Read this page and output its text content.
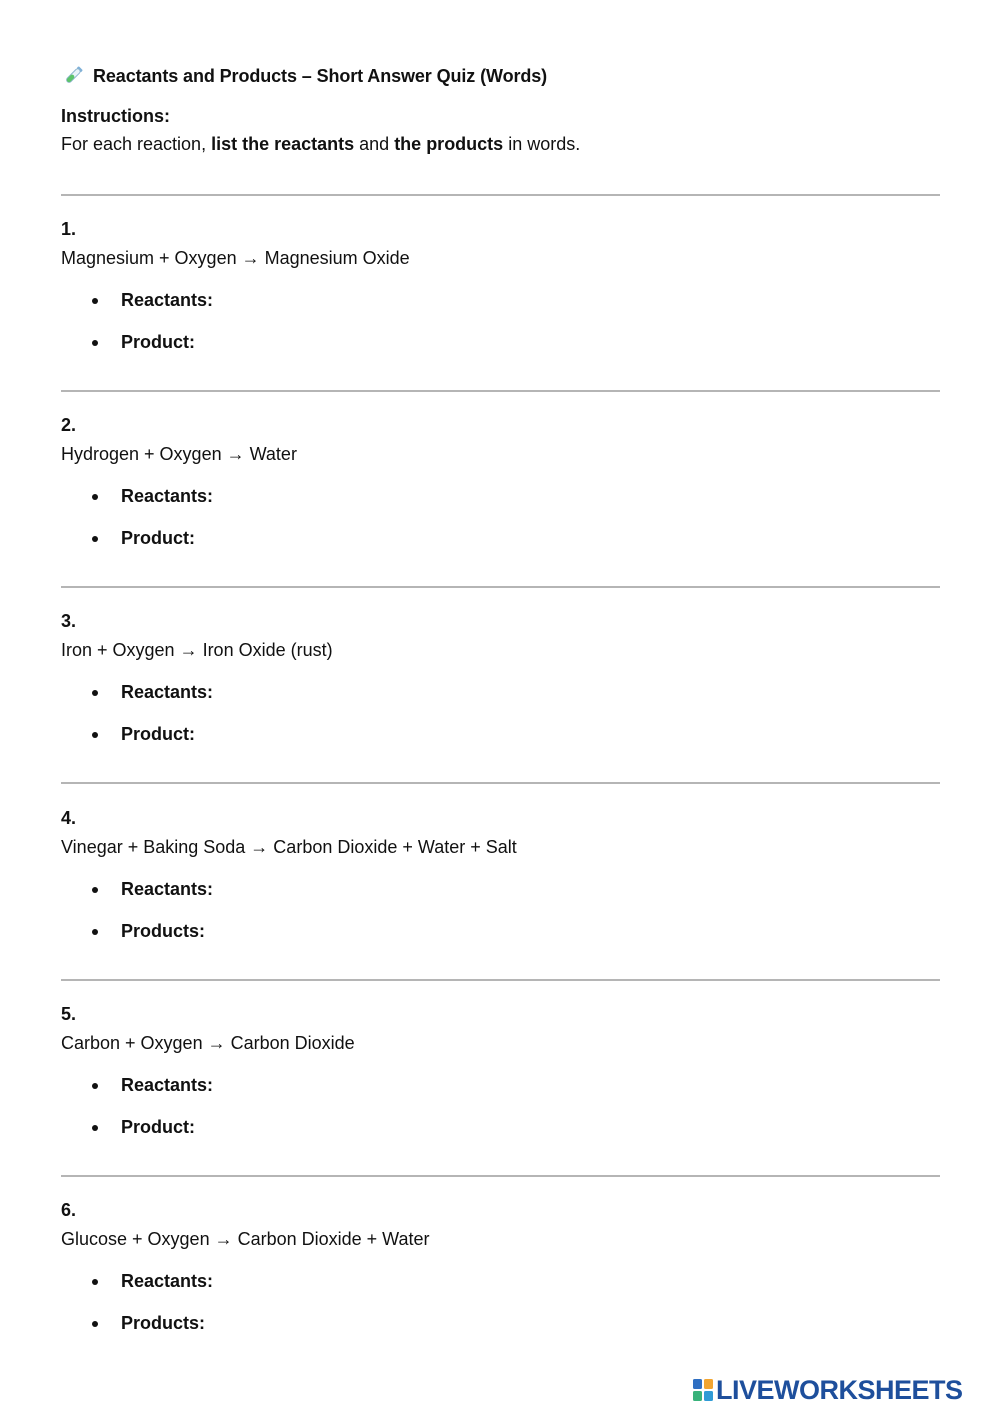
Reactants and Products – Short Answer Quiz (Words)
Instructions:
For each reaction, list the reactants and the products in words.
1.
Magnesium + Oxygen → Magnesium Oxide
Reactants:
Product:
2.
Hydrogen + Oxygen → Water
Reactants:
Product:
3.
Iron + Oxygen → Iron Oxide (rust)
Reactants:
Product:
4.
Vinegar + Baking Soda → Carbon Dioxide + Water + Salt
Reactants:
Products:
5.
Carbon + Oxygen → Carbon Dioxide
Reactants:
Product:
6.
Glucose + Oxygen → Carbon Dioxide + Water
Reactants:
Products:
LIVEWORKSHEETS
